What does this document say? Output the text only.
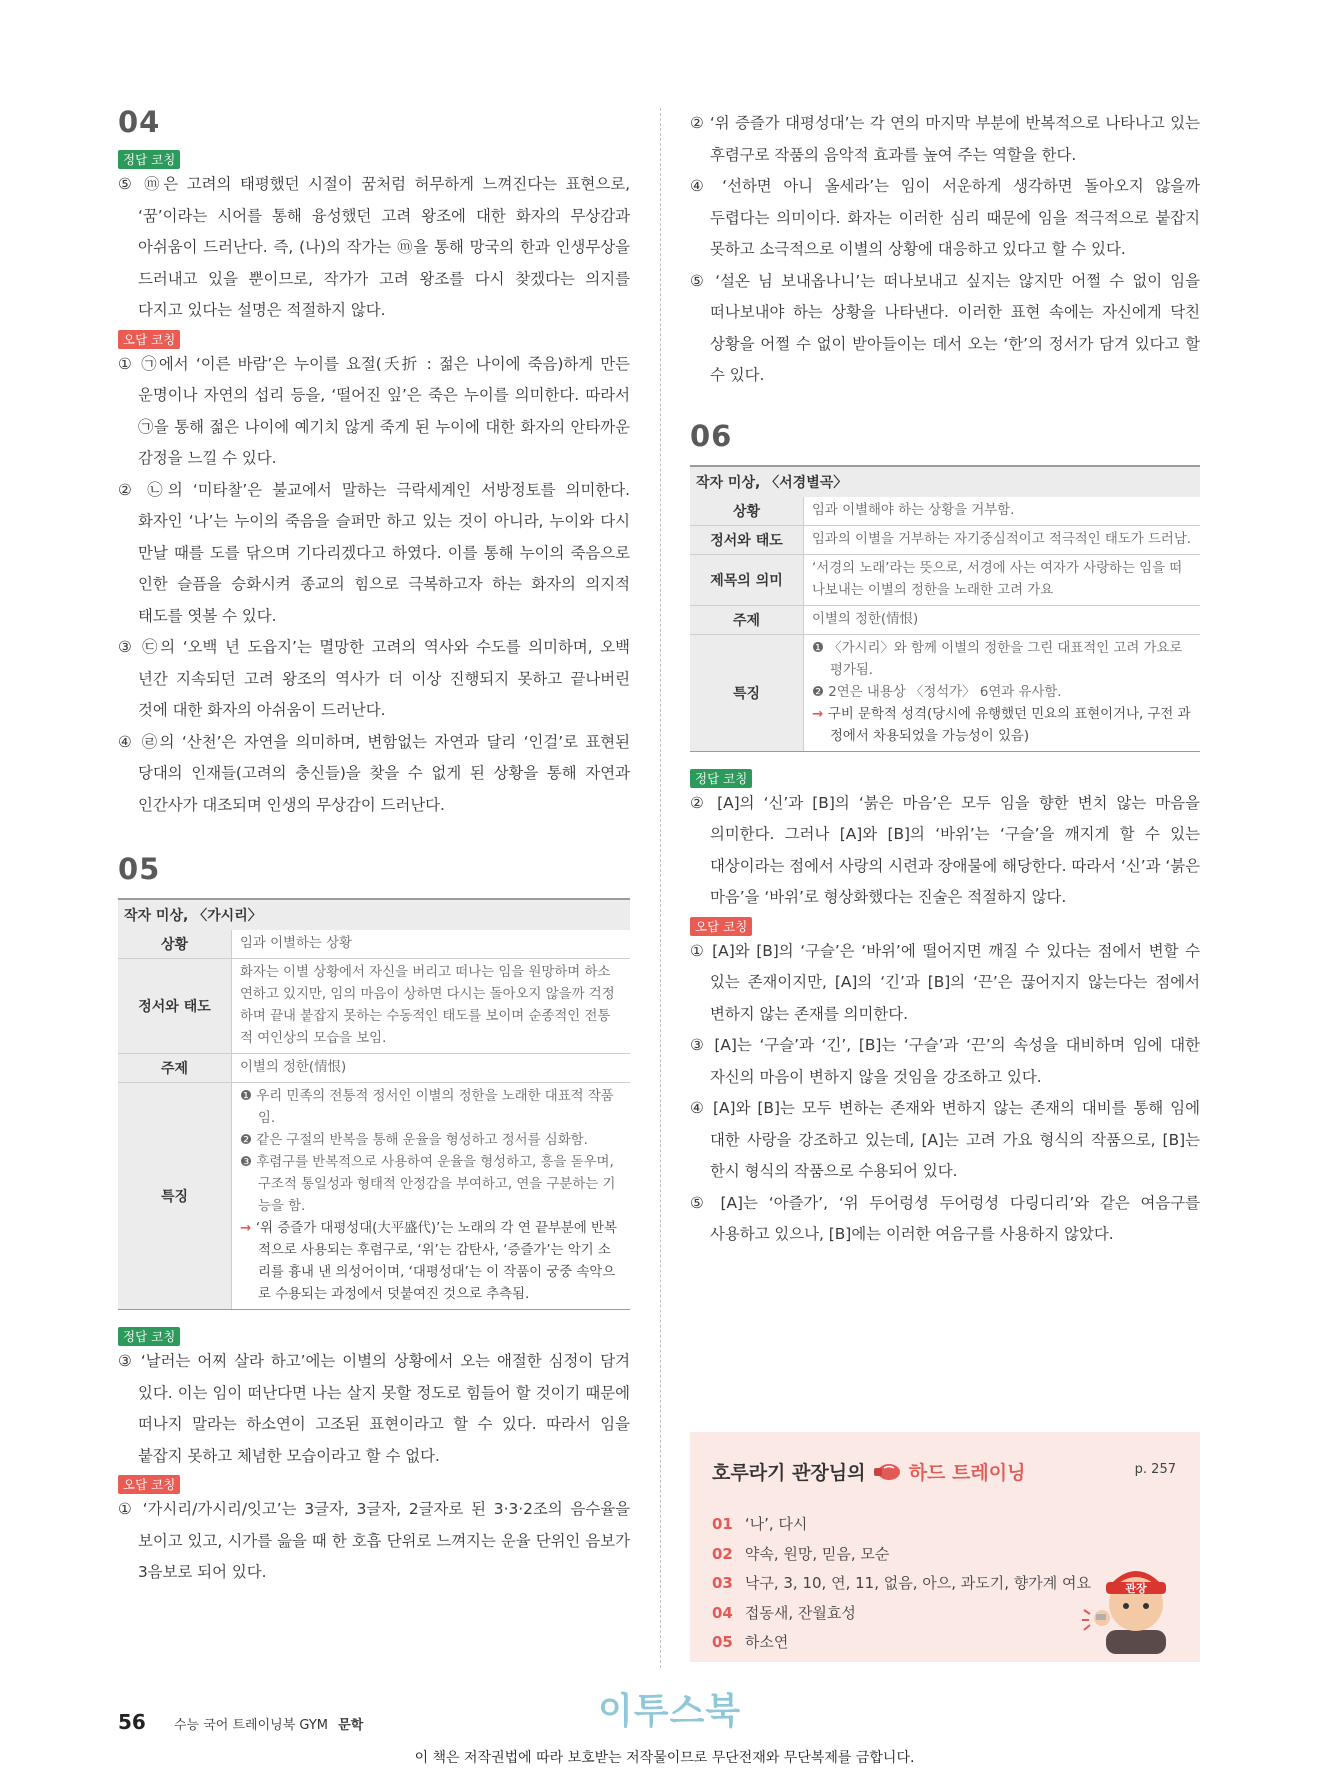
04
정답 코칭

⑤ ⓜ은 고려의 태평했던 시절이 꿈처럼 허무하게 느껴진다는 표현으로, ‘꿈’이라는 시어를 통해 융성했던 고려 왕조에 대한 화자의 무상감과 아쉬움이 드러난다. 즉, (나)의 작가는 ⓜ을 통해 망국의 한과 인생무상을 드러내고 있을 뿐이므로, 작가가 고려 왕조를 다시 찾겠다는 의지를 다지고 있다는 설명은 적절하지 않다.

오답 코칭

① ㉠에서 ‘이른 바람’은 누이를 요절(夭折 : 젊은 나이에 죽음)하게 만든 운명이나 자연의 섭리 등을, ‘떨어진 잎’은 죽은 누이를 의미한다. 따라서 ㉠을 통해 젊은 나이에 예기치 않게 죽게 된 누이에 대한 화자의 안타까운 감정을 느낄 수 있다.

② ㉡의 ‘미타찰’은 불교에서 말하는 극락세계인 서방정토를 의미한다. 화자인 ‘나’는 누이의 죽음을 슬퍼만 하고 있는 것이 아니라, 누이와 다시 만날 때를 도를 닦으며 기다리겠다고 하였다. 이를 통해 누이의 죽음으로 인한 슬픔을 승화시켜 종교의 힘으로 극복하고자 하는 화자의 의지적 태도를 엿볼 수 있다.

③ ㉢의 ‘오백 년 도읍지’는 멸망한 고려의 역사와 수도를 의미하며, 오백 년간 지속되던 고려 왕조의 역사가 더 이상 진행되지 못하고 끝나버린 것에 대한 화자의 아쉬움이 드러난다.

④ ㉣의 ‘산천’은 자연을 의미하며, 변함없는 자연과 달리 ‘인걸’로 표현된 당대의 인재들(고려의 충신들)을 찾을 수 없게 된 상황을 통해 자연과 인간사가 대조되며 인생의 무상감이 드러난다.

05
작자 미상, 〈가시리〉
상황	임과 이별하는 상황
정서와 태도	화자는 이별 상황에서 자신을 버리고 떠나는 임을 원망하며 하소연하고 있지만, 임의 마음이 상하면 다시는 돌아오지 않을까 걱정하며 끝내 붙잡지 못하는 수동적인 태도를 보이며 순종적인 전통적 여인상의 모습을 보임.
주제	이별의 정한(情恨)
특징	❶ 우리 민족의 전통적 정서인 이별의 정한을 노래한 대표적 작품임.
❷ 같은 구절의 반복을 통해 운율을 형성하고 정서를 심화함.
❸ 후렴구를 반복적으로 사용하여 운율을 형성하고, 흥을 돋우며, 구조적 통일성과 형태적 안정감을 부여하고, 연을 구분하는 기능을 함.
→ ‘위 증즐가 대평성대(大平盛代)’는 노래의 각 연 끝부분에 반복적으로 사용되는 후렴구로, ‘위’는 감탄사, ‘증즐가’는 악기 소리를 흉내 낸 의성어이며, ‘대평성대’는 이 작품이 궁중 속악으로 수용되는 과정에서 덧붙여진 것으로 추측됨.
정답 코칭

③ ‘날러는 어찌 살라 하고’에는 이별의 상황에서 오는 애절한 심정이 담겨 있다. 이는 임이 떠난다면 나는 살지 못할 정도로 힘들어 할 것이기 때문에 떠나지 말라는 하소연이 고조된 표현이라고 할 수 있다. 따라서 임을 붙잡지 못하고 체념한 모습이라고 할 수 없다.

오답 코칭

① ‘가시리/가시리/잇고’는 3글자, 3글자, 2글자로 된 3·3·2조의 음수율을 보이고 있고, 시가를 읊을 때 한 호흡 단위로 느껴지는 운율 단위인 음보가 3음보로 되어 있다.

② ‘위 증즐가 대평성대’는 각 연의 마지막 부분에 반복적으로 나타나고 있는 후렴구로 작품의 음악적 효과를 높여 주는 역할을 한다.

④ ‘선하면 아니 올세라’는 임이 서운하게 생각하면 돌아오지 않을까 두렵다는 의미이다. 화자는 이러한 심리 때문에 임을 적극적으로 붙잡지 못하고 소극적으로 이별의 상황에 대응하고 있다고 할 수 있다.

⑤ ‘설온 님 보내옵나니’는 떠나보내고 싶지는 않지만 어쩔 수 없이 임을 떠나보내야 하는 상황을 나타낸다. 이러한 표현 속에는 자신에게 닥친 상황을 어쩔 수 없이 받아들이는 데서 오는 ‘한’의 정서가 담겨 있다고 할 수 있다.

06
작자 미상, 〈서경별곡〉
상황	임과 이별해야 하는 상황을 거부함.
정서와 태도	임과의 이별을 거부하는 자기중심적이고 적극적인 태도가 드러남.
제목의 의미	‘서경의 노래’라는 뜻으로, 서경에 사는 여자가 사랑하는 임을 떠나보내는 이별의 정한을 노래한 고려 가요
주제	이별의 정한(情恨)
특징	❶ 〈가시리〉와 함께 이별의 정한을 그린 대표적인 고려 가요로 평가됨.
❷ 2연은 내용상 〈정석가〉 6연과 유사함.
→ 구비 문학적 성격(당시에 유행했던 민요의 표현이거나, 구전 과정에서 차용되었을 가능성이 있음)
정답 코칭

② [A]의 ‘신’과 [B]의 ‘붉은 마음’은 모두 임을 향한 변치 않는 마음을 의미한다. 그러나 [A]와 [B]의 ‘바위’는 ‘구슬’을 깨지게 할 수 있는 대상이라는 점에서 사랑의 시련과 장애물에 해당한다. 따라서 ‘신’과 ‘붉은 마음’을 ‘바위’로 형상화했다는 진술은 적절하지 않다.

오답 코칭

① [A]와 [B]의 ‘구슬’은 ‘바위’에 떨어지면 깨질 수 있다는 점에서 변할 수 있는 존재이지만, [A]의 ‘긴’과 [B]의 ‘끈’은 끊어지지 않는다는 점에서 변하지 않는 존재를 의미한다.

③ [A]는 ‘구슬’과 ‘긴’, [B]는 ‘구슬’과 ‘끈’의 속성을 대비하며 임에 대한 자신의 마음이 변하지 않을 것임을 강조하고 있다.

④ [A]와 [B]는 모두 변하는 존재와 변하지 않는 존재의 대비를 통해 임에 대한 사랑을 강조하고 있는데, [A]는 고려 가요 형식의 작품으로, [B]는 한시 형식의 작품으로 수용되어 있다.

⑤ [A]는 ‘아즐가’, ‘위 두어렁셩 두어렁셩 다링디리’와 같은 여음구를 사용하고 있으나, [B]에는 이러한 여음구를 사용하지 않았다.

호루라기 관장님의 하드 트레이닝	p. 257
01 ‘나’, 다시
02 약속, 원망, 믿음, 모순
03 낙구, 3, 10, 연, 11, 없음, 아으, 과도기, 향가계 여요
04 접동새, 잔월효성
05 하소연
관장
56 수능 국어 트레이닝북 GYM 문학	이투스북
이 책은 저작권법에 따라 보호받는 저작물이므로 무단전재와 무단복제를 금합니다.
